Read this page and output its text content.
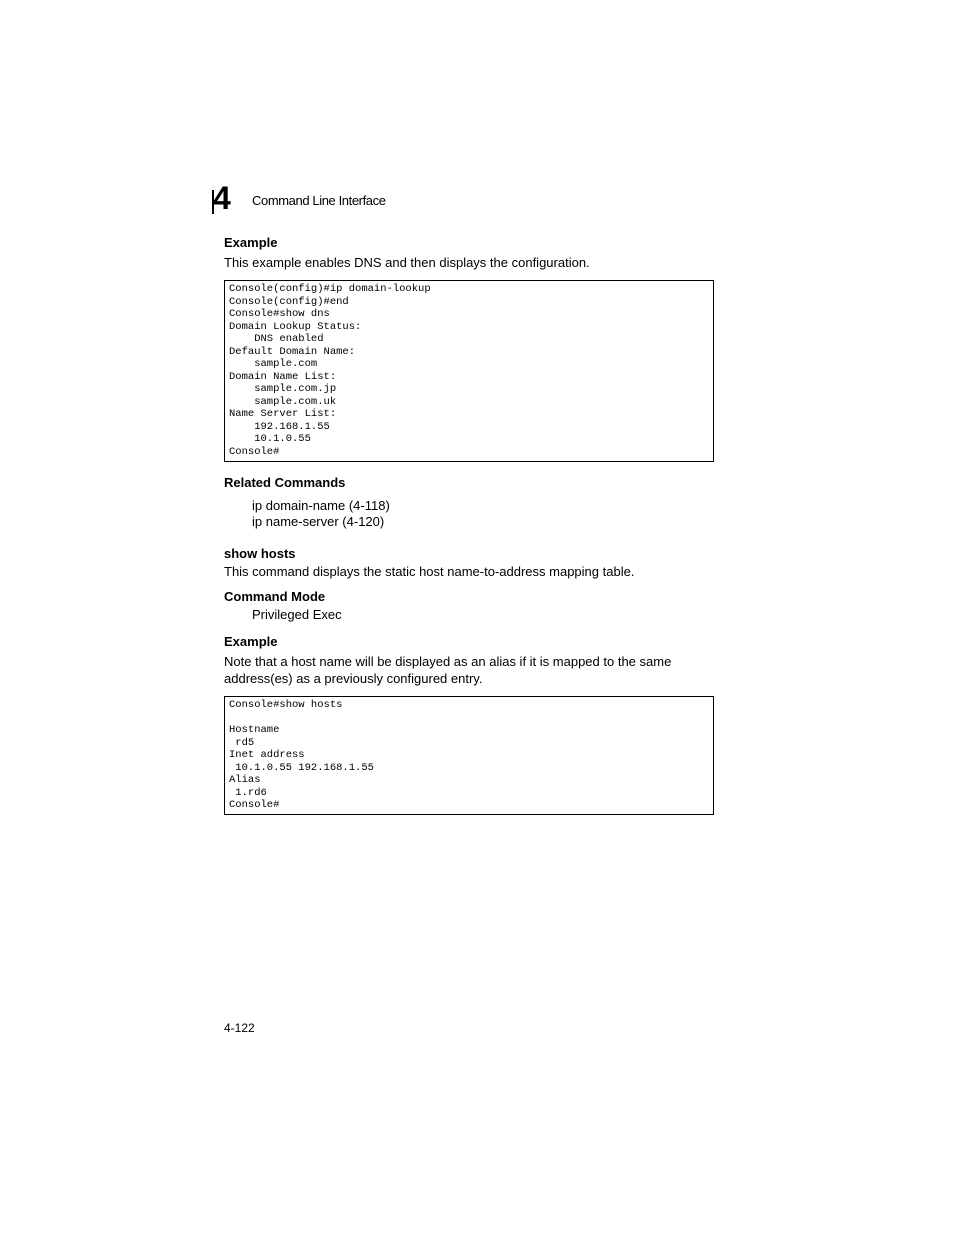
4 Command Line Interface
Example
This example enables DNS and then displays the configuration.
Console(config)#ip domain-lookup
Console(config)#end
Console#show dns
Domain Lookup Status:
DNS enabled
Default Domain Name:
sample.com
Domain Name List:
sample.com.jp
sample.com.uk
Name Server List:
192.168.1.55
10.1.0.55
Console#
Related Commands
ip domain-name (4-118)
ip name-server (4-120)
show hosts
This command displays the static host name-to-address mapping table.
Command Mode
Privileged Exec
Example
Note that a host name will be displayed as an alias if it is mapped to the same
address(es) as a previously configured entry.
Console#show hosts

Hostname
rd5
Inet address
10.1.0.55 192.168.1.55
Alias
1.rd6
Console#
4-122
